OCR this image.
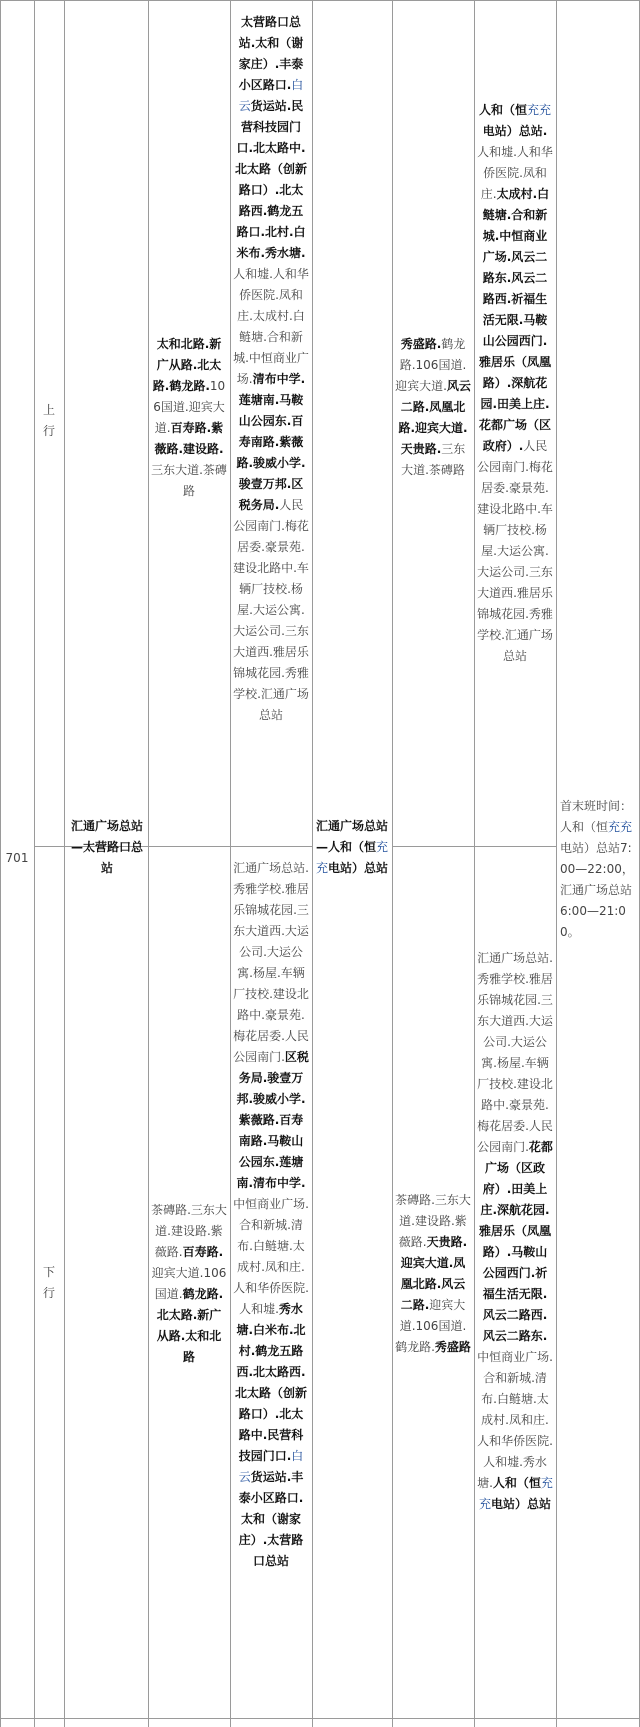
701
上行
下行
汇通广场总站—太营路口总站
太和北路.新广从路.北太路.鹤龙路.106国道.迎宾大道.百寿路.紫薇路.建设路.三东大道.茶磚路
太营路口总站.太和（谢家庄）.丰泰小区路口.白云货运站.民营科技园门口.北太路中.北太路（创新路口）.北太路西.鹤龙五路口.北村.白米布.秀水塘.人和墟.人和华侨医院.凤和庄.太成村.白鲢塘.合和新城.中恒商业广场.清布中学.莲塘南.马鞍山公园东.百寿南路.紫薇路.骏威小学.骏壹万邦.区税务局.人民公园南门.梅花居委.豪景苑.建设北路中.车辆厂技校.杨屋.大运公寓.大运公司.三东大道西.雅居乐锦城花园.秀雅学校.汇通广场总站
茶磚路.三东大道.建设路.紫薇路.百寿路.迎宾大道.106国道.鹤龙路.北太路.新广从路.太和北路
汇通广场总站.秀雅学校.雅居乐锦城花园.三东大道西.大运公司.大运公寓.杨屋.车辆厂技校.建设北路中.豪景苑.梅花居委.人民公园南门.区税务局.骏壹万邦.骏威小学.紫薇路.百寿南路.马鞍山公园东.莲塘南.清布中学.中恒商业广场.合和新城.清布.白鲢塘.太成村.凤和庄.人和华侨医院.人和墟.秀水塘.白米布.北村.鹤龙五路西.北太路西.北太路（创新路口）.北太路中.民营科技园门口.白云货运站.丰泰小区路口.太和（谢家庄）.太营路口总站
汇通广场总站—人和（恒充充电站）总站
秀盛路.鹤龙路.106国道.迎宾大道.风云二路.凤凰北路.迎宾大道.天贵路.三东大道.茶磚路
人和（恒充充电站）总站.人和墟.人和华侨医院.凤和庄.太成村.白鲢塘.合和新城.中恒商业广场.风云二路东.风云二路西.祈福生活无限.马鞍山公园西门.雅居乐（凤凰路）.深航花园.田美上庄.花都广场（区政府）.人民公园南门.梅花居委.豪景苑.建设北路中.车辆厂技校.杨屋.大运公寓.大运公司.三东大道西.雅居乐锦城花园.秀雅学校.汇通广场总站
茶磚路.三东大道.建设路.紫薇路.天贵路.迎宾大道.凤凰北路.风云二路.迎宾大道.106国道.鹤龙路.秀盛路
汇通广场总站.秀雅学校.雅居乐锦城花园.三东大道西.大运公司.大运公寓.杨屋.车辆厂技校.建设北路中.豪景苑.梅花居委.人民公园南门.花都广场（区政府）.田美上庄.深航花园.雅居乐（凤凰路）.马鞍山公园西门.祈福生活无限.风云二路西.风云二路东.中恒商业广场.合和新城.清布.白鲢塘.太成村.凤和庄.人和华侨医院.人和墟.秀水塘.人和（恒充充电站）总站
首末班时间：
人和（恒充充电站）总站7:00—22:00，汇通广场总站6:00—21:00。
